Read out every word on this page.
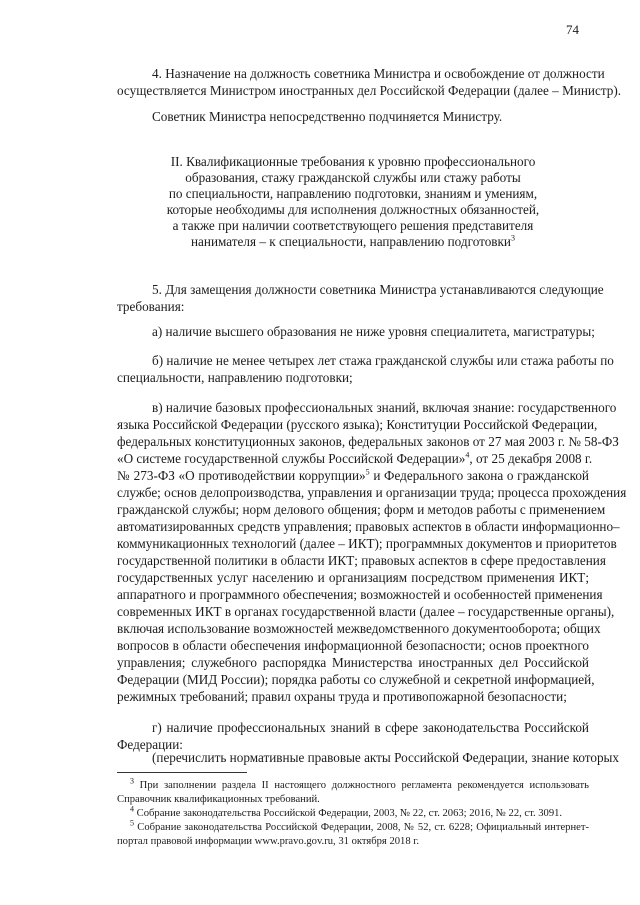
74
4. Назначение на должность советника Министра и освобождение от должности
осуществляется Министром иностранных дел Российской Федерации (далее – Министр).
Советник Министра непосредственно подчиняется Министру.
II. Квалификационные требования к уровню профессионального
образования, стажу гражданской службы или стажу работы
по специальности, направлению подготовки, знаниям и умениям,
которые необходимы для исполнения должностных обязанностей,
а также при наличии соответствующего решения представителя
нанимателя – к специальности, направлению подготовки$^3$
5. Для замещения должности советника Министра устанавливаются следующие
требования:
а) наличие высшего образования не ниже уровня специалитета, магистратуры;
б) наличие не менее четырех лет стажа гражданской службы или стажа работы по
специальности, направлению подготовки;
в) наличие базовых профессиональных знаний, включая знание: государственного
языка Российской Федерации (русского языка); Конституции Российской Федерации,
федеральных конституционных законов, федеральных законов от 27 мая 2003 г. № 58-ФЗ
«О системе государственной службы Российской Федерации»$^4$, от 25 декабря 2008 г.
№ 273-ФЗ «О противодействии коррупции»$^5$ и Федерального закона о гражданской
службе; основ делопроизводства, управления и организации труда; процесса прохождения
гражданской службы; норм делового общения; форм и методов работы с применением
автоматизированных средств управления; правовых аспектов в области информационно–
коммуникационных технологий (далее – ИКТ); программных документов и приоритетов
государственной политики в области ИКТ; правовых аспектов в сфере предоставления
государственных услуг населению и организациям посредством применения ИКТ;
аппаратного и программного обеспечения; возможностей и особенностей применения
современных ИКТ в органах государственной власти (далее – государственные органы),
включая использование возможностей межведомственного документооборота; общих
вопросов в области обеспечения информационной безопасности; основ проектного
управления; служебного распорядка Министерства иностранных дел Российской
Федерации (МИД России); порядка работы со служебной и секретной информацией,
режимных требований; правил охраны труда и противопожарной безопасности;
г) наличие профессиональных знаний в сфере законодательства Российской
Федерации:
(перечислить нормативные правовые акты Российской Федерации, знание которых
$^3$ При заполнении раздела II настоящего должностного регламента рекомендуется использовать
Справочник квалификационных требований.
$^4$ Собрание законодательства Российской Федерации, 2003, № 22, ст. 2063; 2016, № 22, ст. 3091.
$^5$ Собрание законодательства Российской Федерации, 2008, № 52, ст. 6228; Официальный интернет-
портал правовой информации www.pravo.gov.ru, 31 октября 2018 г.
